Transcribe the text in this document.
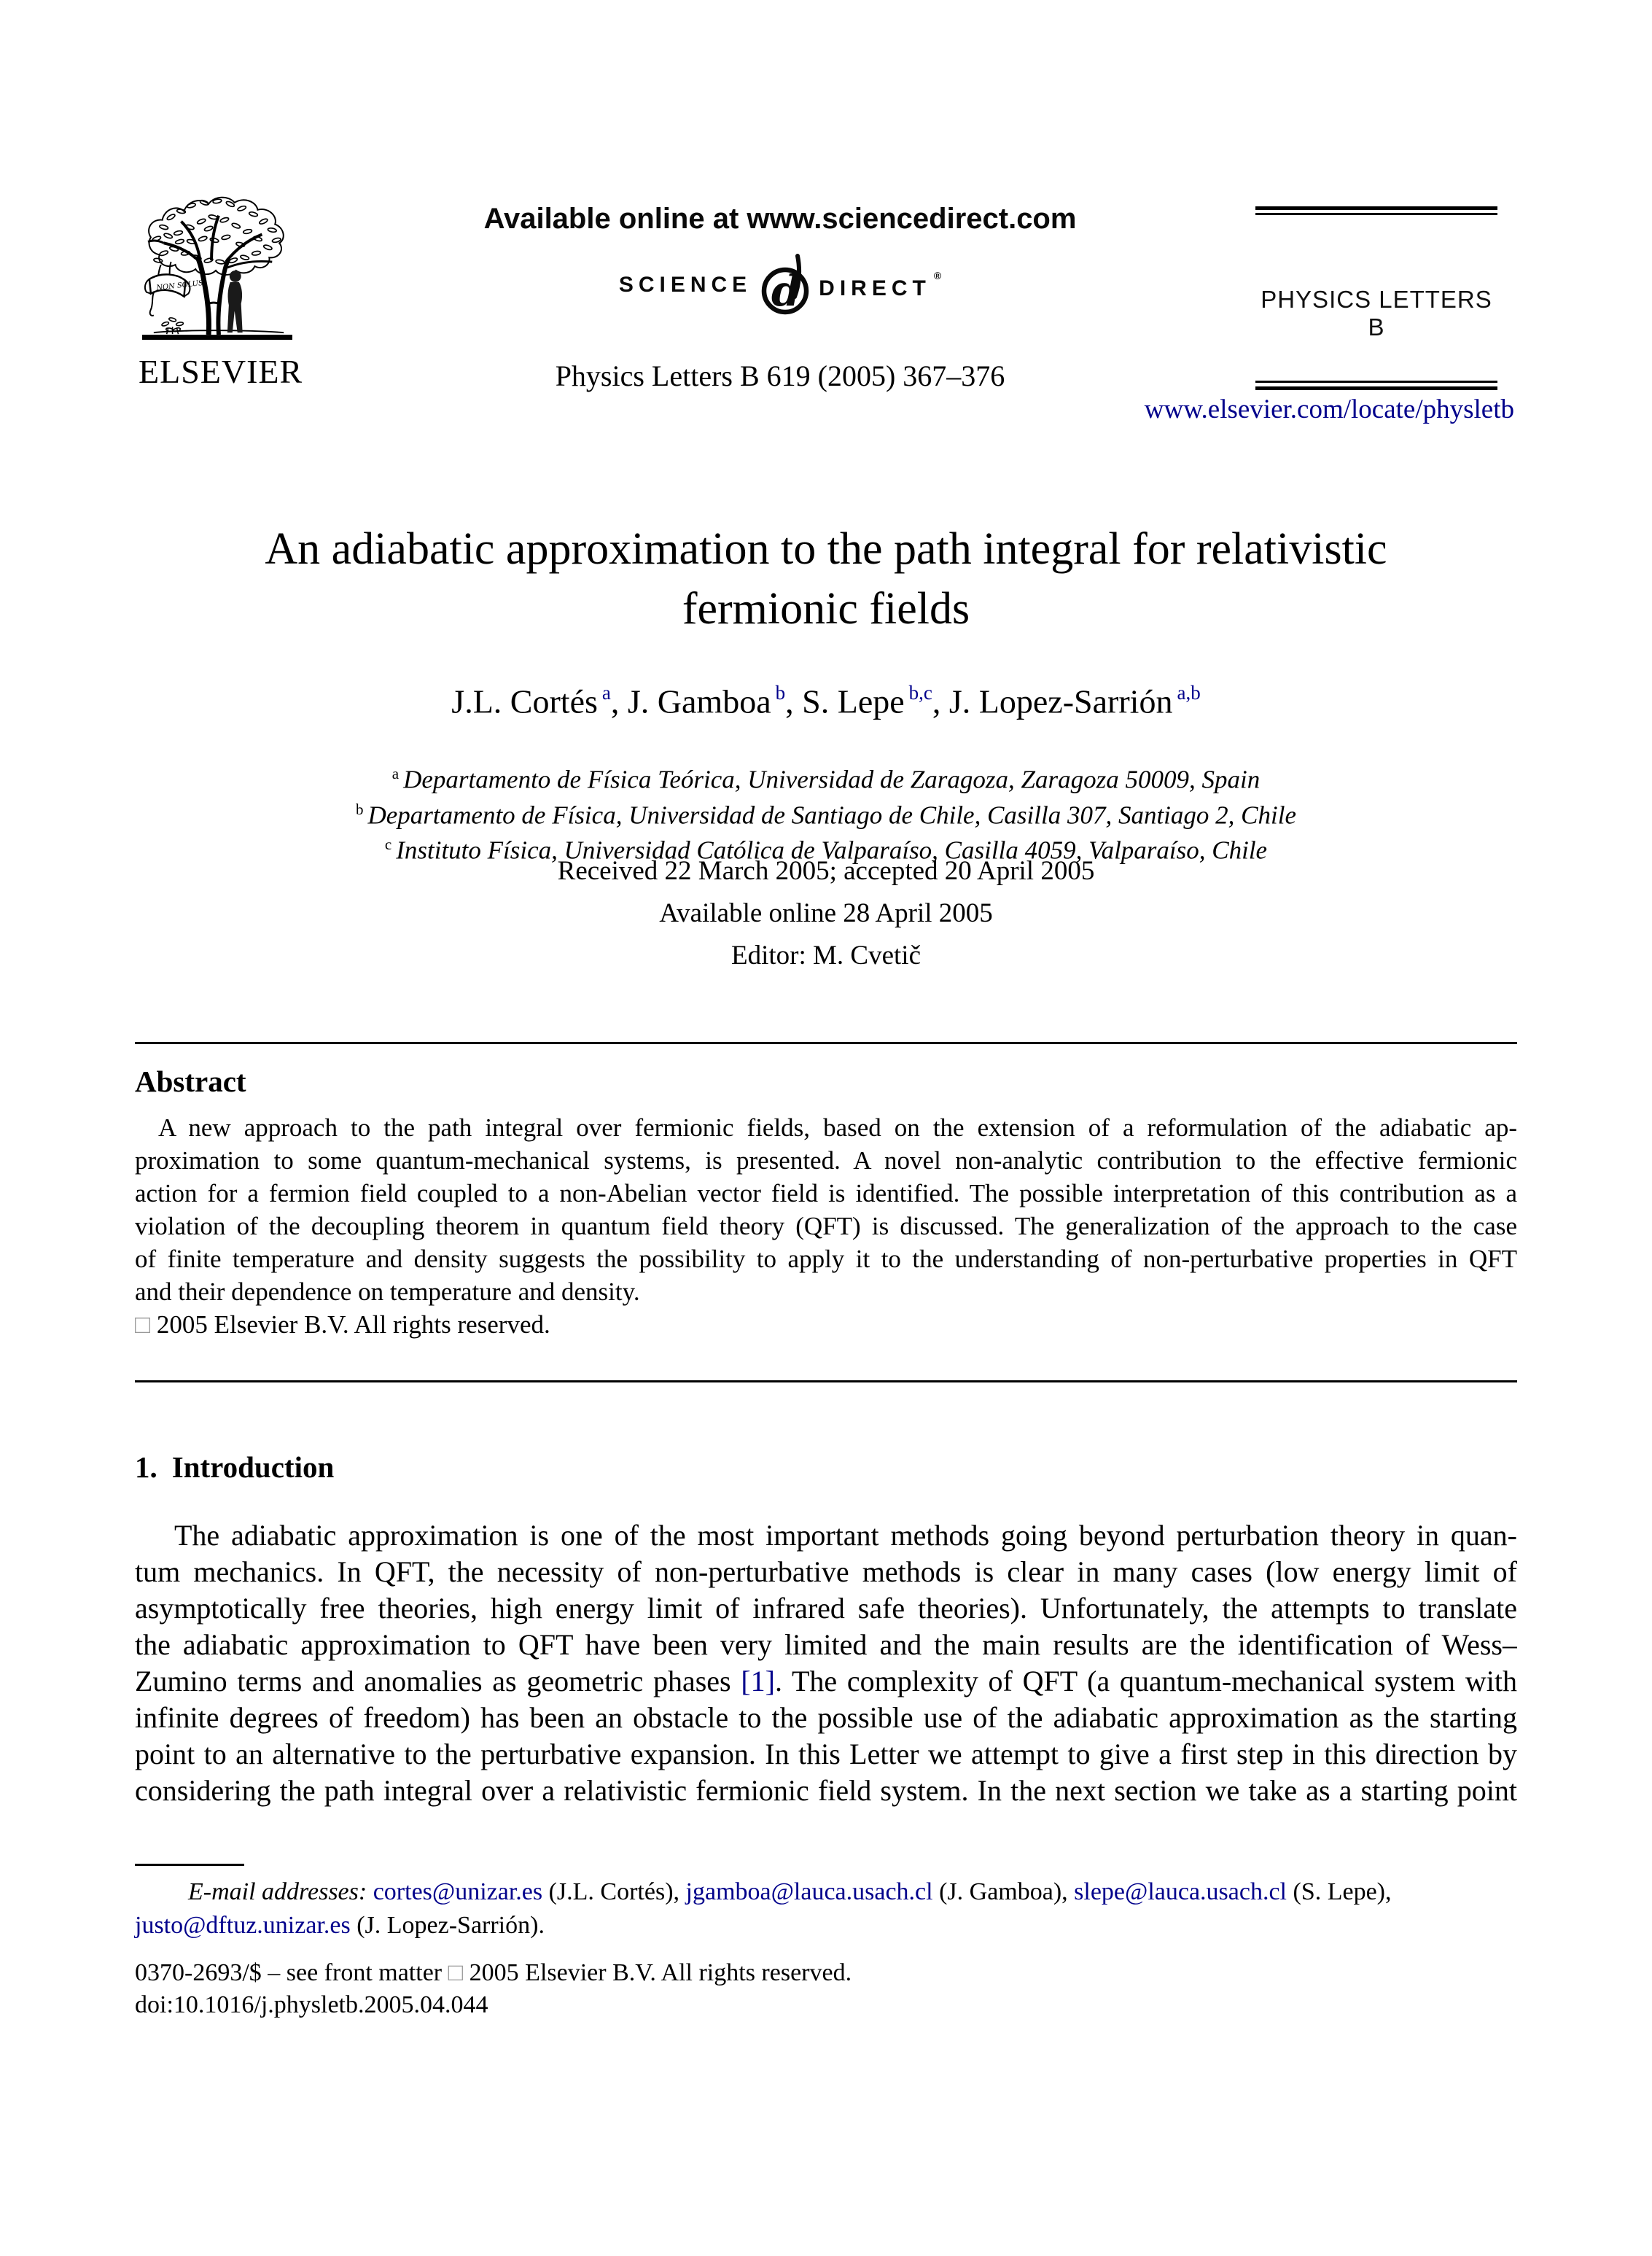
NON SOLUS
ELSEVIER
Available online at www.sciencedirect.com
SCIENCE d DIRECT®
Physics Letters B 619 (2005) 367–376
PHYSICS LETTERS B
www.elsevier.com/locate/physletb
An adiabatic approximation to the path integral for relativistic
fermionic fields
J.L. Cortés $^a$, J. Gamboa $^b$, S. Lepe $^{b,c}$, J. Lopez-Sarrión $^{a,b}$
$^a$ Departamento de Física Teórica, Universidad de Zaragoza, Zaragoza 50009, Spain
$^b$ Departamento de Física, Universidad de Santiago de Chile, Casilla 307, Santiago 2, Chile
$^c$ Instituto Física, Universidad Católica de Valparaíso, Casilla 4059, Valparaíso, Chile
Received 22 March 2005; accepted 20 April 2005
Available online 28 April 2005
Editor: M. Cvetič
Abstract
A new approach to the path integral over fermionic fields, based on the extension of a reformulation of the adiabatic ap-
proximation to some quantum-mechanical systems, is presented. A novel non-analytic contribution to the effective fermionic
action for a fermion field coupled to a non-Abelian vector field is identified. The possible interpretation of this contribution as a
violation of the decoupling theorem in quantum field theory (QFT) is discussed. The generalization of the approach to the case
of finite temperature and density suggests the possibility to apply it to the understanding of non-perturbative properties in QFT
and their dependence on temperature and density.
□ 2005 Elsevier B.V. All rights reserved.
1. Introduction
The adiabatic approximation is one of the most important methods going beyond perturbation theory in quan-
tum mechanics. In QFT, the necessity of non-perturbative methods is clear in many cases (low energy limit of
asymptotically free theories, high energy limit of infrared safe theories). Unfortunately, the attempts to translate
the adiabatic approximation to QFT have been very limited and the main results are the identification of Wess–
Zumino terms and anomalies as geometric phases [1]. The complexity of QFT (a quantum-mechanical system with
infinite degrees of freedom) has been an obstacle to the possible use of the adiabatic approximation as the starting
point to an alternative to the perturbative expansion. In this Letter we attempt to give a first step in this direction by
considering the path integral over a relativistic fermionic field system. In the next section we take as a starting point
E-mail addresses: cortes@unizar.es (J.L. Cortés), jgamboa@lauca.usach.cl (J. Gamboa), slepe@lauca.usach.cl (S. Lepe),
justo@dftuz.unizar.es (J. Lopez-Sarrión).
0370-2693/$ – see front matter □ 2005 Elsevier B.V. All rights reserved.
doi:10.1016/j.physletb.2005.04.044
